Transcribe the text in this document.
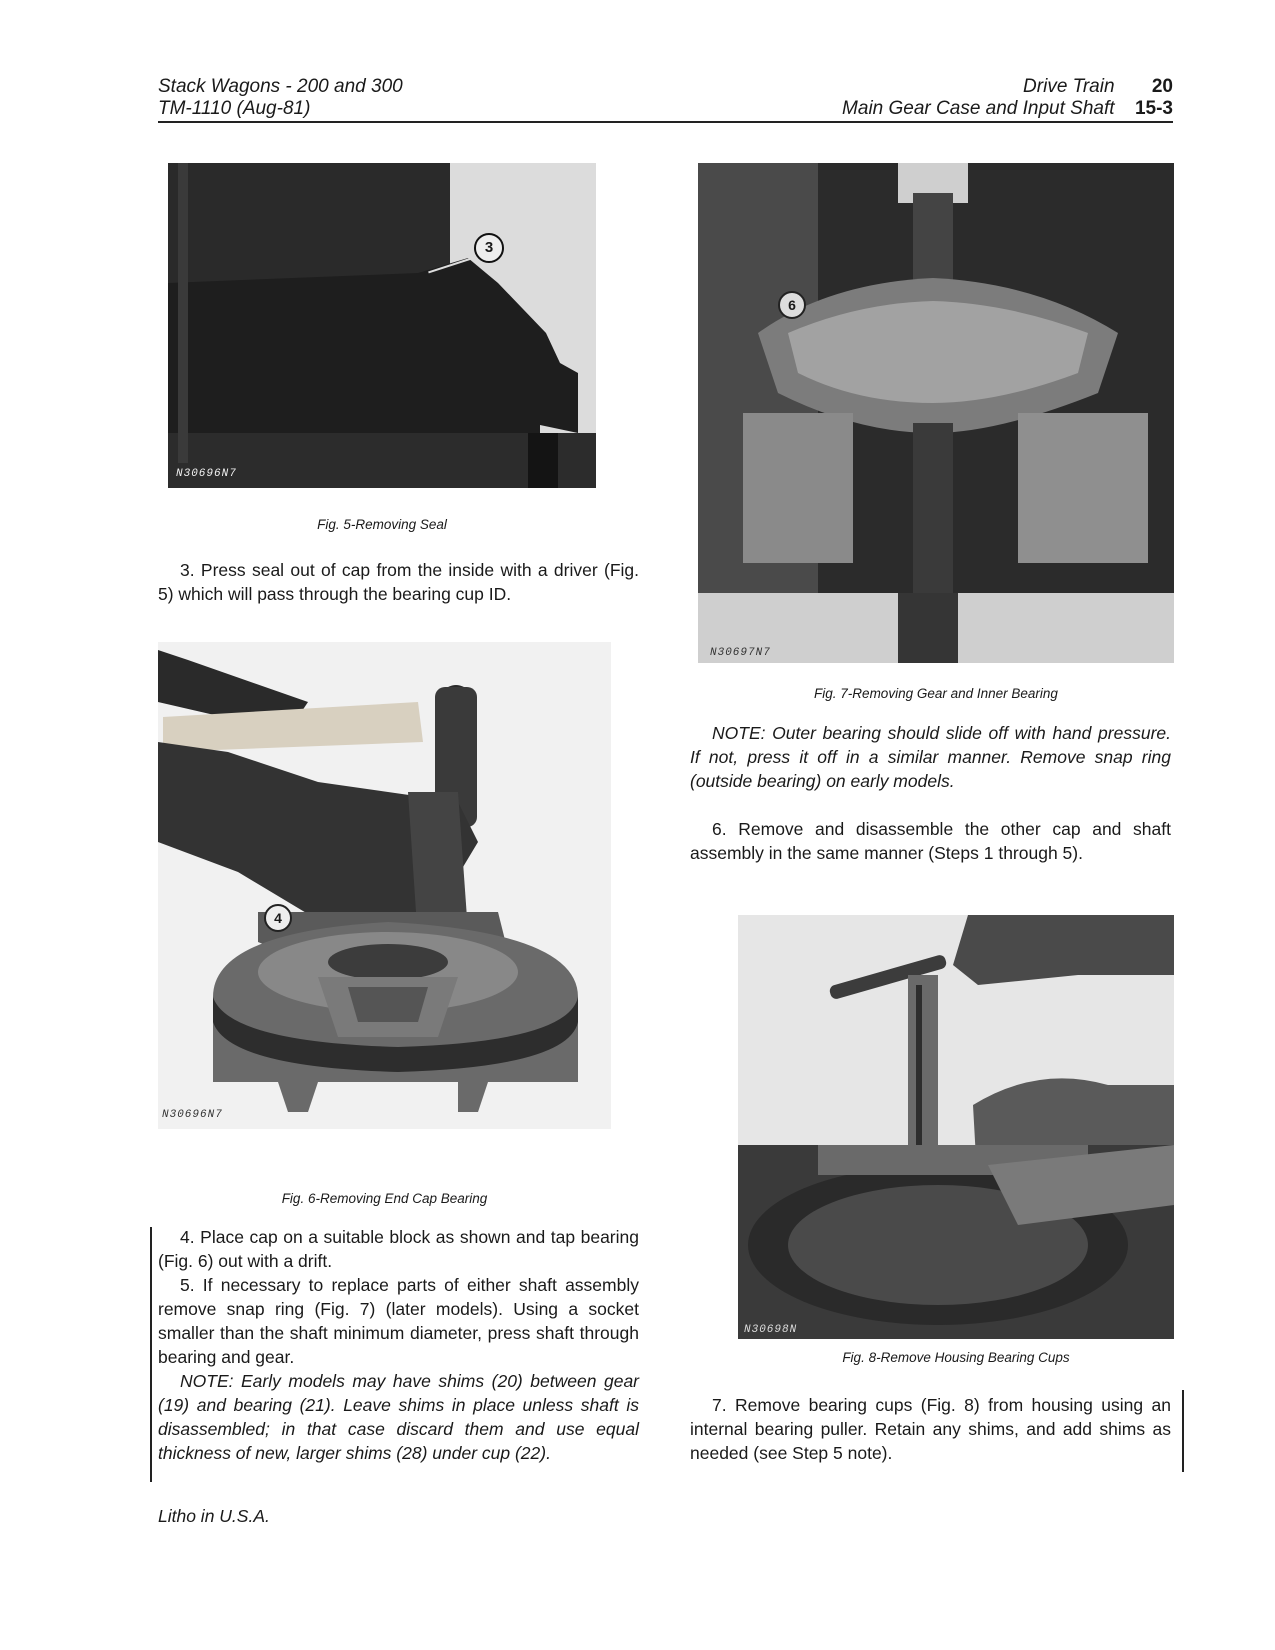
Stack Wagons - 200 and 300
TM-1110 (Aug-81)
Drive Train 20
Main Gear Case and Input Shaft 15-3
3
N30696N7
Fig. 5-Removing Seal

3. Press seal out of cap from the inside with a driver (Fig. 5) which will pass through the bearing cup ID.

4
N30696N7
Fig. 6-Removing End Cap Bearing

4. Place cap on a suitable block as shown and tap bearing (Fig. 6) out with a drift.

5. If necessary to replace parts of either shaft assembly remove snap ring (Fig. 7) (later models). Using a socket smaller than the shaft minimum diameter, press shaft through bearing and gear.

NOTE: Early models may have shims (20) between gear (19) and bearing (21). Leave shims in place unless shaft is disassembled; in that case discard them and use equal thickness of new, larger shims (28) under cup (22).

Litho in U.S.A.
6
N30697N7
Fig. 7-Removing Gear and Inner Bearing

NOTE: Outer bearing should slide off with hand pressure. If not, press it off in a similar manner. Remove snap ring (outside bearing) on early models.

6. Remove and disassemble the other cap and shaft assembly in the same manner (Steps 1 through 5).

N30698N
Fig. 8-Remove Housing Bearing Cups

7. Remove bearing cups (Fig. 8) from housing using an internal bearing puller. Retain any shims, and add shims as needed (see Step 5 note).
